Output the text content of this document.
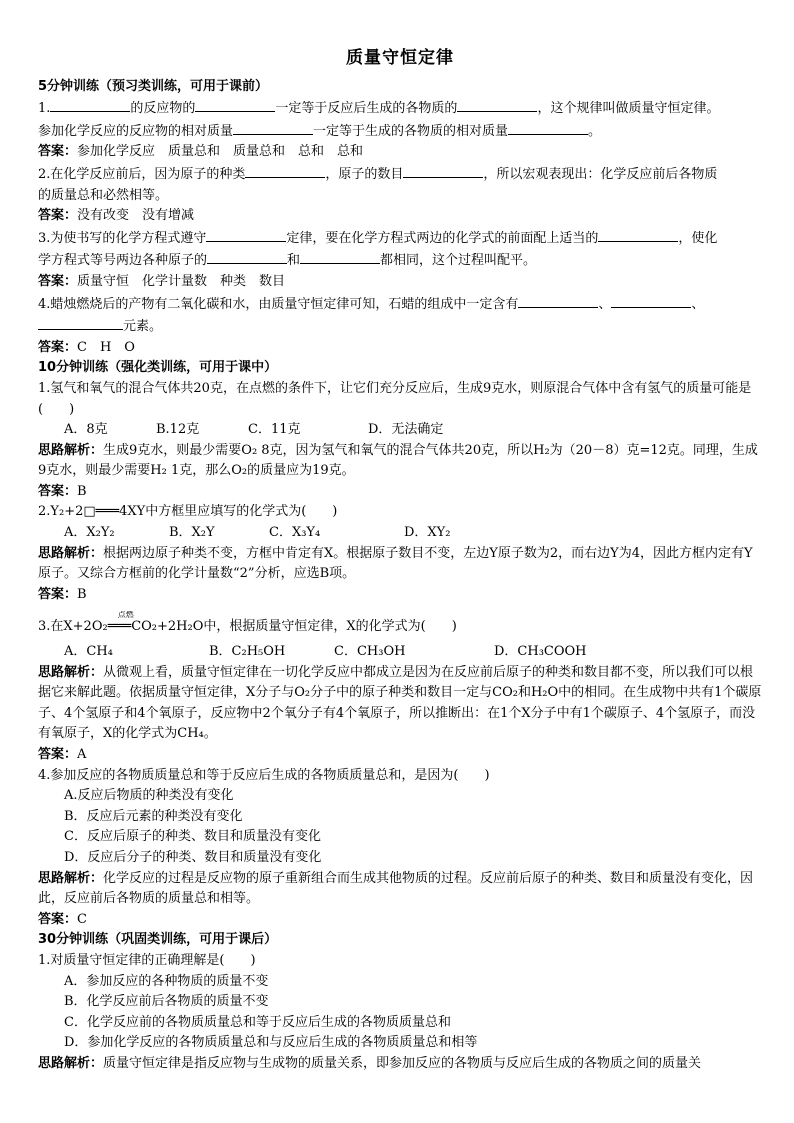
质量守恒定律
5分钟训练（预习类训练，可用于课前）
1.	的反应物的	一定等于反应后生成的各物质的	，这个规律叫做质量守恒定律。
参加化学反应的反应物的相对质量	一定等于生成的各物质的相对质量	。
答案：参加化学反应　质量总和　质量总和　总和　总和
2.在化学反应前后，因为原子的种类	，原子的数目	，所以宏观表现出：化学反应前后各物质
的质量总和必然相等。
答案：没有改变　没有增减
3.为使书写的化学方程式遵守	定律，要在化学方程式两边的化学式的前面配上适当的	，使化
学方程式等号两边各种原子的	和	都相同，这个过程叫配平。
答案：质量守恒　化学计量数　种类　数目
4.蜡烛燃烧后的产物有二氧化碳和水，由质量守恒定律可知，石蜡的组成中一定含有	、	、
元素。
答案：C　H　O
10分钟训练（强化类训练，可用于课中）
1.氢气和氧气的混合气体共20克，在点燃的条件下，让它们充分反应后，生成9克水，则原混合气体中含有氢气的质量可能是(　　)
A．8克	B.12克	C．11克	D．无法确定
思路解析：生成9克水，则最少需要O₂ 8克，因为氢气和氧气的混合气体共20克，所以H₂为（20－8）克=12克。同理，生成9克水，则最少需要H₂ 1克，那么O₂的质量应为19克。
答案：B
2.Y₂+2□═══4XY中方框里应填写的化学式为(　　)
A．X₂Y₂	B．X₂Y	C．X₃Y₄	D．XY₂
思路解析：根据两边原子种类不变，方框中肯定有X。根据原子数目不变，左边Y原子数为2，而右边Y为4，因此方框内定有Y原子。又综合方框前的化学计量数“2”分析，应选B项。
答案：B
3.在X+2O₂
点燃
═══CO₂+2H₂O中，根据质量守恒定律，X的化学式为(　　)
A．CH₄	B．C₂H₅OH	C．CH₃OH	D．CH₃COOH
思路解析：从微观上看，质量守恒定律在一切化学反应中都成立是因为在反应前后原子的种类和数目都不变，所以我们可以根据它来解此题。依据质量守恒定律，X分子与O₂分子中的原子种类和数目一定与CO₂和H₂O中的相同。在生成物中共有1个碳原子、4个氢原子和4个氧原子，反应物中2个氧分子有4个氧原子，所以推断出：在1个X分子中有1个碳原子、4个氢原子，而没有氧原子，X的化学式为CH₄。
答案：A
4.参加反应的各物质质量总和等于反应后生成的各物质质量总和，是因为(　　)
A.反应后物质的种类没有变化
B．反应后元素的种类没有变化
C．反应后原子的种类、数目和质量没有变化
D．反应后分子的种类、数目和质量没有变化
思路解析：化学反应的过程是反应物的原子重新组合而生成其他物质的过程。反应前后原子的种类、数目和质量没有变化，因此，反应前后各物质的质量总和相等。
答案：C
30分钟训练（巩固类训练，可用于课后）
1.对质量守恒定律的正确理解是(　　)
A．参加反应的各种物质的质量不变
B．化学反应前后各物质的质量不变
C．化学反应前的各物质质量总和等于反应后生成的各物质质量总和
D．参加化学反应的各物质质量总和与反应后生成的各物质质量总和相等
思路解析：质量守恒定律是指反应物与生成物的质量关系，即参加反应的各物质与反应后生成的各物质之间的质量关
